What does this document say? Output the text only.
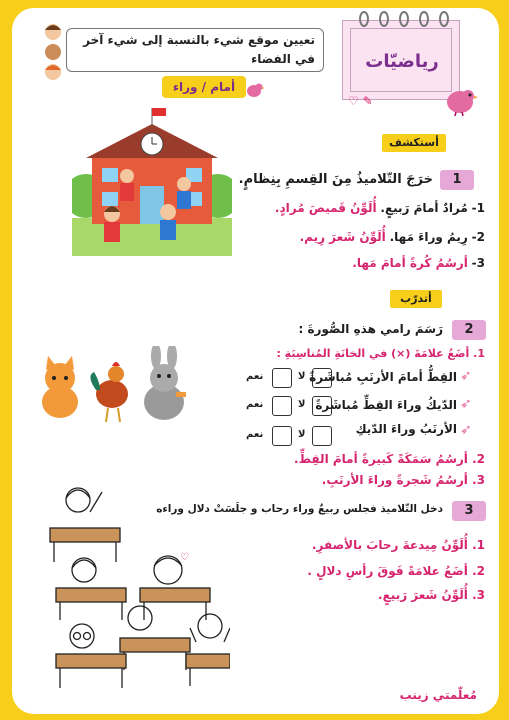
رياضيّات
♡ ✎
تعيين موقع شيء بالنسبة إلى شيء آخر
في الفضاء
أمام / وراء
أستكشف
1
خرَجَ التّلاميذُ مِنَ القِسمِ بِنِظامٍ.
1- مُرادٌ أمامَ رَبيعٍ. أُلَوِّنُ قَميصَ مُرادٍ.
2- رِيمُ وراءَ مَها. أُلَوِّنُ شَعرَ رِيم.
3- أرسُمُ كُرةً أمامَ مَها.
أتدرّب
2
رَسَمَ رامي هذهِ الصُّورةَ :
1. أضَعُ علامَةَ (×) في الخانَةِ المُناسِبَةِ :
نعم	لا القِطُّ أمامَ الأرنَبِ مُباشَرةً ➶
نعم	لا الدّيكُ وراءَ القِطِّ مُباشَرةً ➶
نعم	لا	الأرنَبُ وراءَ الدّيكِ ➶
2. أرسُمُ سَمَكَةً كَبيرةً أمامَ القِطِّ.
3. أرسُمُ شَجرةً وراءَ الأرنَبِ.
3
دخل التّلاميذ فجلس ربيعٌ وراء رحاب و جلَسَتْ دلال وراءه
♡
1. أُلَوِّنُ مِيدعةَ رحابَ بالأصفرِ.
2. أضَعُ علامَةً فَوقَ رأسِ دلالٍ .
3. أُلَوِّنُ شَعرَ رَبيعٍ.
مُعلّمتي زينب
